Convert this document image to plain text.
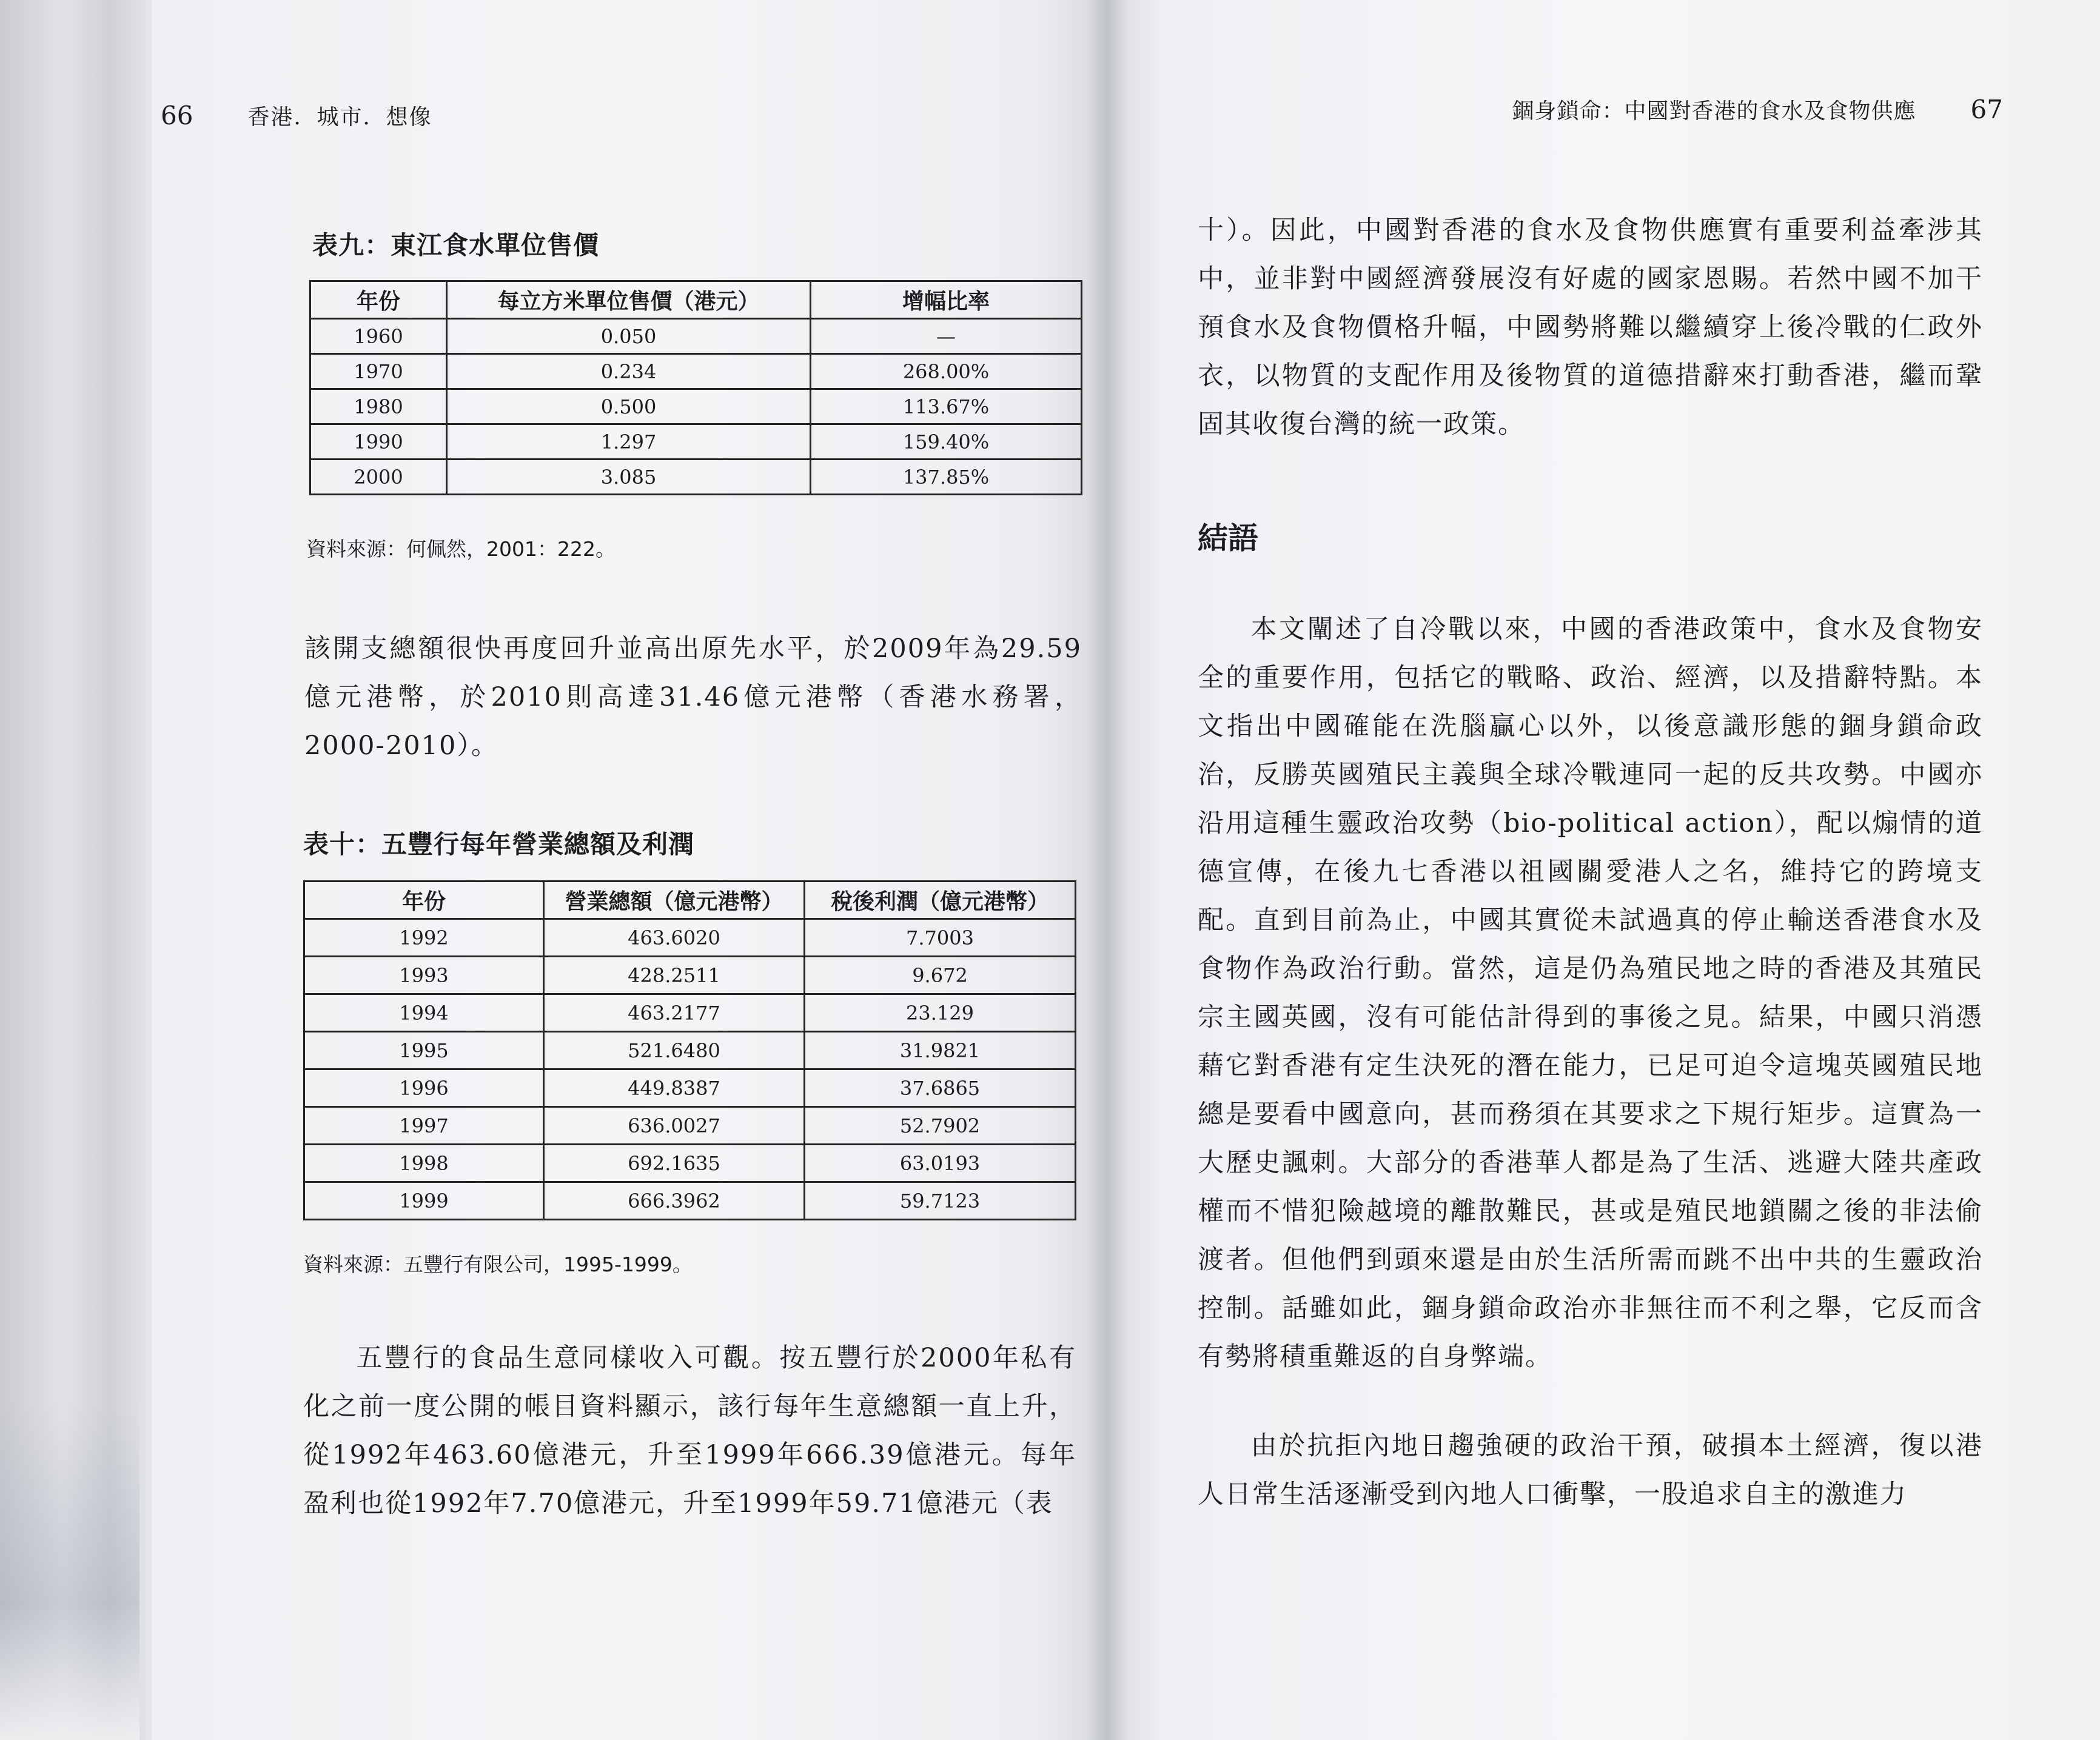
66	香港．城市．想像
表九：東江食水單位售價
年份	每立方米單位售價（港元）	增幅比率
1960	0.050	—
1970	0.234	268.00%
1980	0.500	113.67%
1990	1.297	159.40%
2000	3.085	137.85%
資料來源：何佩然，2001：222。
該開支總額很快再度回升並高出原先水平，於2009年為29.59億元港幣，於2010則高達31.46億元港幣（香港水務署，2000-2010）。
表十：五豐行每年營業總額及利潤
年份	營業總額（億元港幣）	稅後利潤（億元港幣）
1992	463.6020	7.7003
1993	428.2511	9.672
1994	463.2177	23.129
1995	521.6480	31.9821
1996	449.8387	37.6865
1997	636.0027	52.7902
1998	692.1635	63.0193
1999	666.3962	59.7123
資料來源：五豐行有限公司，1995-1999。
五豐行的食品生意同樣收入可觀。按五豐行於2000年私有化之前一度公開的帳目資料顯示，該行每年生意總額一直上升，從1992年463.60億港元，升至1999年666.39億港元。每年盈利也從1992年7.70億港元，升至1999年59.71億港元（表
錮身鎖命：中國對香港的食水及食物供應 67
十）。因此，中國對香港的食水及食物供應實有重要利益牽涉其中，並非對中國經濟發展沒有好處的國家恩賜。若然中國不加干預食水及食物價格升幅，中國勢將難以繼續穿上後冷戰的仁政外衣，以物質的支配作用及後物質的道德措辭來打動香港，繼而鞏固其收復台灣的統一政策。
結語
本文闡述了自冷戰以來，中國的香港政策中，食水及食物安全的重要作用，包括它的戰略、政治、經濟，以及措辭特點。本文指出中國確能在洗腦贏心以外，以後意識形態的錮身鎖命政治，反勝英國殖民主義與全球冷戰連同一起的反共攻勢。中國亦沿用這種生靈政治攻勢（bio-political action），配以煽情的道德宣傳，在後九七香港以祖國關愛港人之名，維持它的跨境支配。直到目前為止，中國其實從未試過真的停止輸送香港食水及食物作為政治行動。當然，這是仍為殖民地之時的香港及其殖民宗主國英國，沒有可能估計得到的事後之見。結果，中國只消憑藉它對香港有定生決死的潛在能力，已足可迫令這塊英國殖民地總是要看中國意向，甚而務須在其要求之下規行矩步。這實為一大歷史諷刺。大部分的香港華人都是為了生活、逃避大陸共產政權而不惜犯險越境的離散難民，甚或是殖民地鎖關之後的非法偷渡者。但他們到頭來還是由於生活所需而跳不出中共的生靈政治控制。話雖如此，錮身鎖命政治亦非無往而不利之舉，它反而含有勢將積重難返的自身弊端。
由於抗拒內地日趨強硬的政治干預，破損本土經濟，復以港人日常生活逐漸受到內地人口衝擊，一股追求自主的激進力
